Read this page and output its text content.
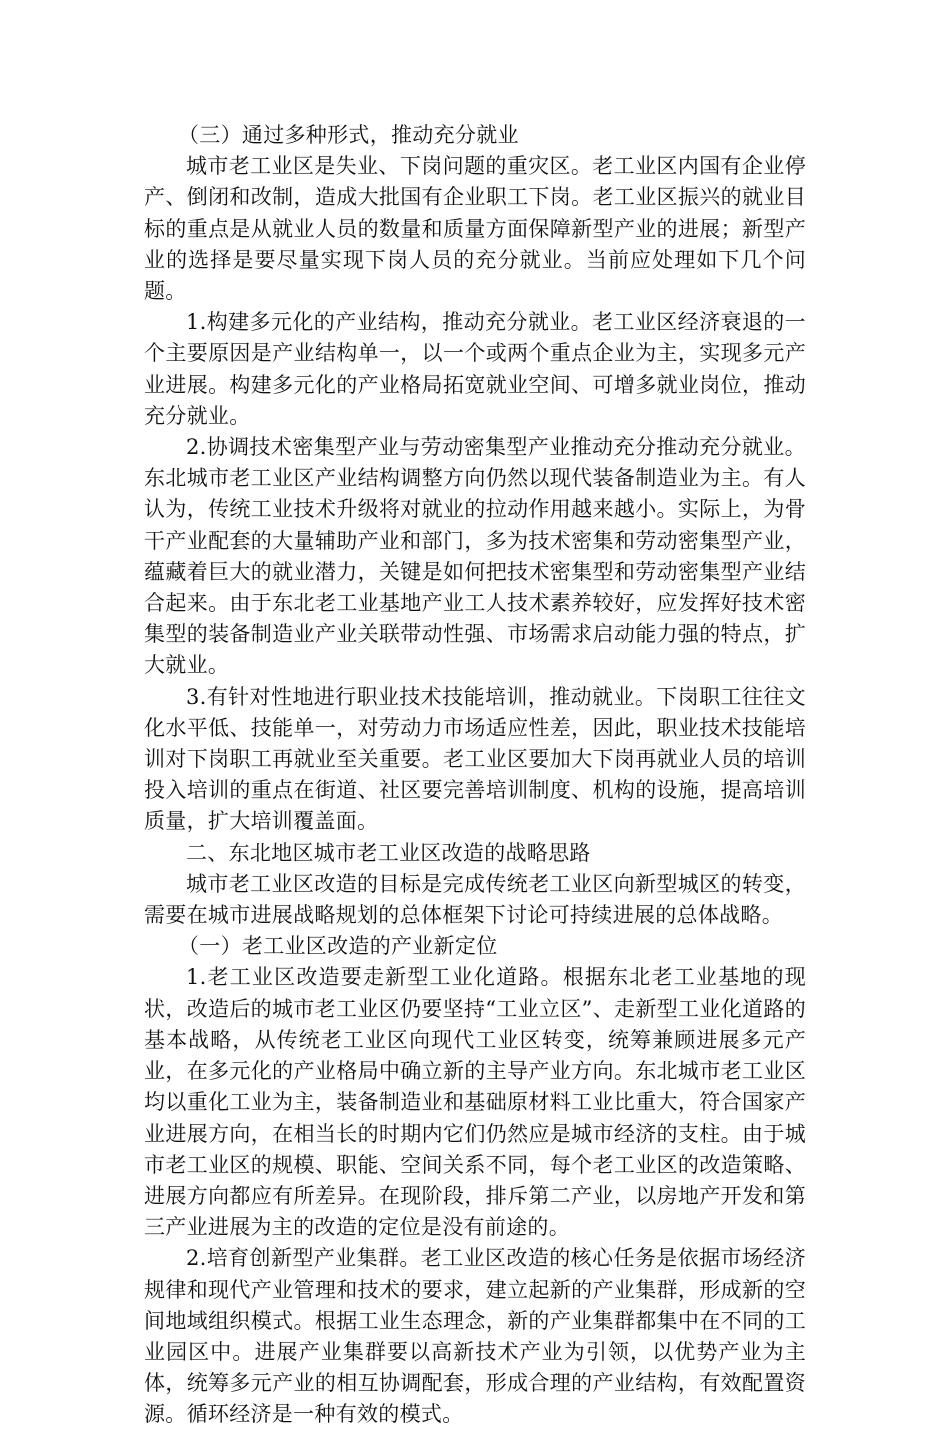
（三）通过多种形式，推动充分就业

城市老工业区是失业、下岗问题的重灾区。老工业区内国有企业停产、倒闭和改制，造成大批国有企业职工下岗。老工业区振兴的就业目标的重点是从就业人员的数量和质量方面保障新型产业的进展；新型产业的选择是要尽量实现下岗人员的充分就业。当前应处理如下几个问题。

1.构建多元化的产业结构，推动充分就业。老工业区经济衰退的一个主要原因是产业结构单一，以一个或两个重点企业为主，实现多元产业进展。构建多元化的产业格局拓宽就业空间、可增多就业岗位，推动充分就业。

2.协调技术密集型产业与劳动密集型产业推动充分推动充分就业。东北城市老工业区产业结构调整方向仍然以现代装备制造业为主。有人认为，传统工业技术升级将对就业的拉动作用越来越小。实际上，为骨干产业配套的大量辅助产业和部门，多为技术密集和劳动密集型产业，蕴藏着巨大的就业潜力，关键是如何把技术密集型和劳动密集型产业结合起来。由于东北老工业基地产业工人技术素养较好，应发挥好技术密集型的装备制造业产业关联带动性强、市场需求启动能力强的特点，扩大就业。

3.有针对性地进行职业技术技能培训，推动就业。下岗职工往往文化水平低、技能单一，对劳动力市场适应性差，因此，职业技术技能培训对下岗职工再就业至关重要。老工业区要加大下岗再就业人员的培训投入培训的重点在街道、社区要完善培训制度、机构的设施，提高培训质量，扩大培训覆盖面。

二、东北地区城市老工业区改造的战略思路

城市老工业区改造的目标是完成传统老工业区向新型城区的转变，需要在城市进展战略规划的总体框架下讨论可持续进展的总体战略。

（一）老工业区改造的产业新定位

1.老工业区改造要走新型工业化道路。根据东北老工业基地的现状，改造后的城市老工业区仍要坚持“工业立区”、走新型工业化道路的基本战略，从传统老工业区向现代工业区转变，统筹兼顾进展多元产业，在多元化的产业格局中确立新的主导产业方向。东北城市老工业区均以重化工业为主，装备制造业和基础原材料工业比重大，符合国家产业进展方向，在相当长的时期内它们仍然应是城市经济的支柱。由于城市老工业区的规模、职能、空间关系不同，每个老工业区的改造策略、进展方向都应有所差异。在现阶段，排斥第二产业，以房地产开发和第三产业进展为主的改造的定位是没有前途的。

2.培育创新型产业集群。老工业区改造的核心任务是依据市场经济规律和现代产业管理和技术的要求，建立起新的产业集群，形成新的空间地域组织模式。根据工业生态理念，新的产业集群都集中在不同的工业园区中。进展产业集群要以高新技术产业为引领，以优势产业为主体，统筹多元产业的相互协调配套，形成合理的产业结构，有效配置资源。循环经济是一种有效的模式。
